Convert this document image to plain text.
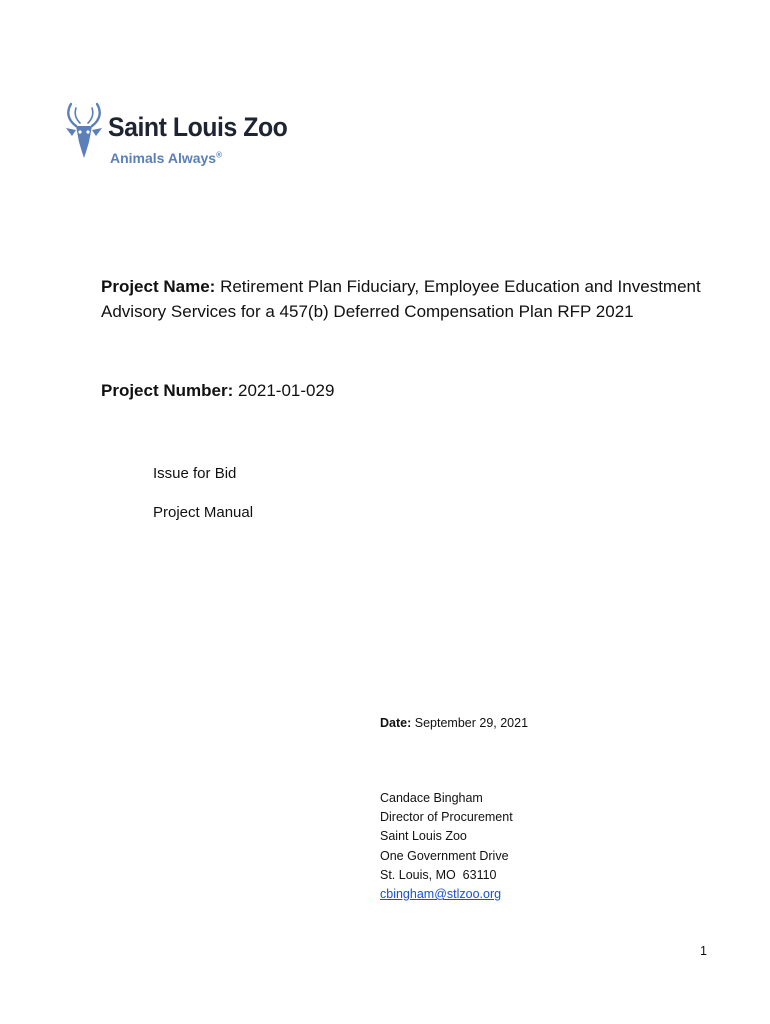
Saint Louis Zoo
Animals Always®
Project Name: Retirement Plan Fiduciary, Employee Education and Investment Advisory Services for a 457(b) Deferred Compensation Plan RFP 2021
Project Number: 2021-01-029
Issue for Bid
Project Manual
Date: September 29, 2021
Candace Bingham
Director of Procurement
Saint Louis Zoo
One Government Drive
St. Louis, MO  63110
cbingham@stlzoo.org
1
